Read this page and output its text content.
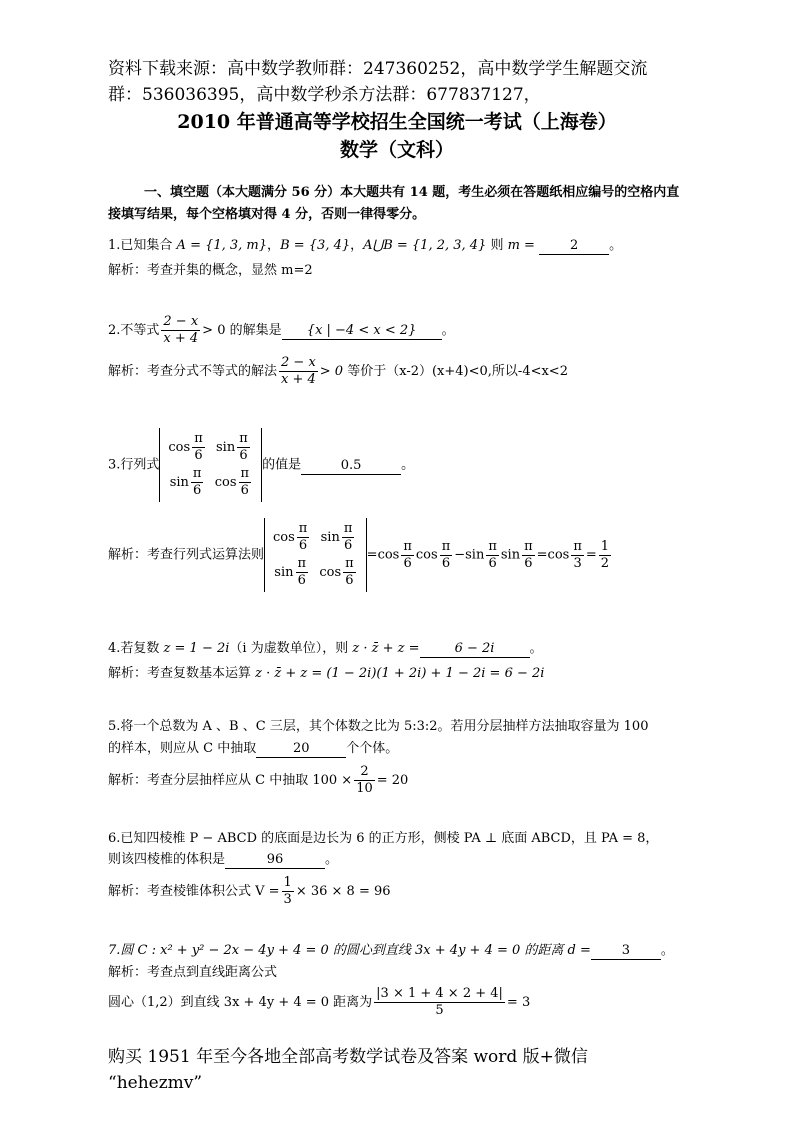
资料下载来源：高中数学教师群：247360252，高中数学学生解题交流
群：536036395，高中数学秒杀方法群：677837127，
2010 年普通高等学校招生全国统一考试（上海卷）
数学（文科）
一、填空题（本大题满分 56 分）本大题共有 14 题，考生必须在答题纸相应编号的空格内直接填写结果，每个空格填对得 4 分，否则一律得零分。
1.已知集合 A = {1, 3, m}，B = {3, 4}，A⋃B = {1, 2, 3, 4} 则 m =	2 。
解析：考查并集的概念，显然 m=2
2.不等式 $\frac{2 - x}{x + 4} > 0$ 的解集是 {x | −4 < x < 2} 。
解析：考查分式不等式的解法 $\frac{2 - x}{x + 4} > 0$ 等价于（x-2）(x+4)<0,所以-4<x<2
3.行列式
$\cos \frac{\pi}{6}$	$\sin \frac{\pi}{6}$

$\sin \frac{\pi}{6}$	$\cos \frac{\pi}{6}$
的值是	0.5	。
解析：考查行列式运算法则
$\cos \frac{\pi}{6}$	$\sin \frac{\pi}{6}$

$\sin \frac{\pi}{6}$	$\cos \frac{\pi}{6}$
$=\cos \frac{\pi}{6}$ $\cos \frac{\pi}{6} -\sin \frac{\pi}{6}$ $\sin \frac{\pi}{6} =\cos \frac{\pi}{3} = \frac{1}{2}$
4.若复数 z = 1 − 2i（i 为虚数单位），则 z · z̄ + z =	6 − 2i	。
解析：考查复数基本运算 z · z̄ + z = (1 − 2i)(1 + 2i) + 1 − 2i = 6 − 2i
5.将一个总数为 A 、B 、C 三层，其个体数之比为 5:3:2。若用分层抽样方法抽取容量为 100
的样本，则应从 C 中抽取	20	个个体。
解析：考查分层抽样应从 C 中抽取 $100 \times \frac{2}{10} = 20$
6.已知四棱椎 P − ABCD 的底面是边长为 6 的正方形，侧棱 PA ⊥ 底面 ABCD，且 PA = 8，
则该四棱椎的体积是	96	。
解析：考查棱锥体积公式 $V = \frac{1}{3} \times 36 \times 8 = 96$
7.圆 C : x² + y² − 2x − 4y + 4 = 0 的圆心到直线 3x + 4y + 4 = 0 的距离 d = 3 。
解析：考查点到直线距离公式
圆心（1,2）到直线 3x + 4y + 4 = 0 距离为 $\frac{|3 \times 1 + 4 \times 2 + 4|}{5} = 3$
购买 1951 年至今各地全部高考数学试卷及答案 word 版+微信
“hehezmv”
